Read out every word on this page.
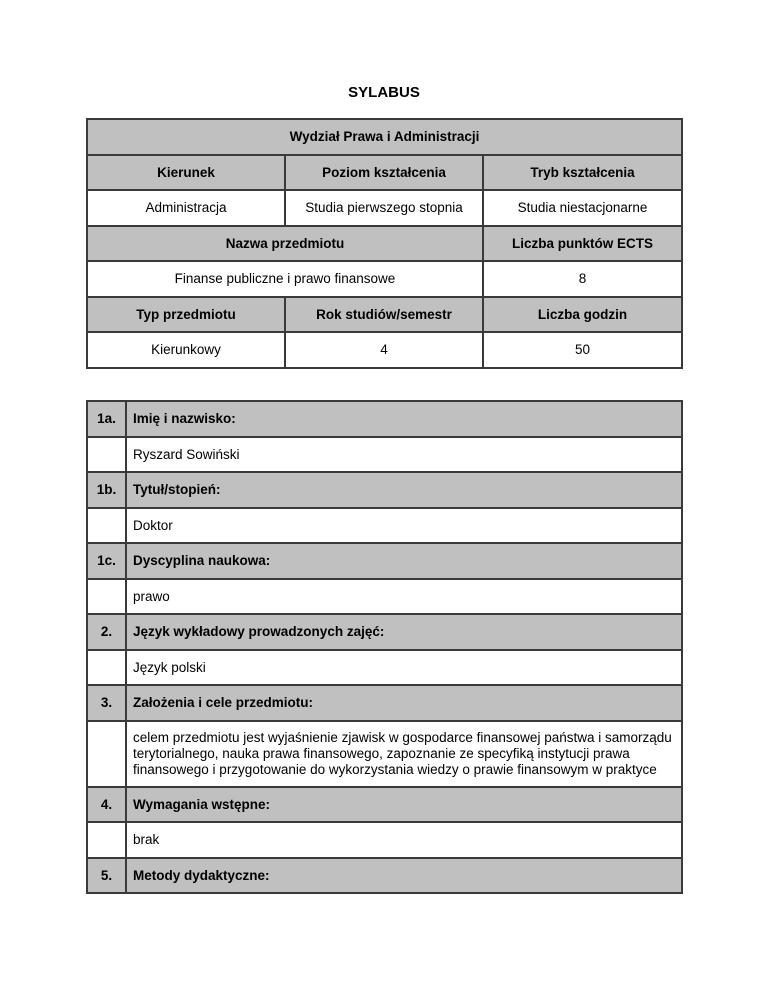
SYLABUS
Wydział Prawa i Administracji		
Kierunek	Poziom kształcenia	Tryb kształcenia
Administracja	Studia pierwszego stopnia	Studia niestacjonarne
Nazwa przedmiotu		Liczba punktów ECTS
Finanse publiczne i prawo finansowe		8
Typ przedmiotu	Rok studiów/semestr	Liczba godzin
Kierunkowy	4	50
1a.	Imię i nazwisko:
	Ryszard Sowiński
1b.	Tytuł/stopień:
	Doktor
1c.	Dyscyplina naukowa:
	prawo
2.	Język wykładowy prowadzonych zajęć:
	Język polski
3.	Założenia i cele przedmiotu:
	celem przedmiotu jest wyjaśnienie zjawisk w gospodarce finansowej państwa i samorządu terytorialnego, nauka prawa finansowego, zapoznanie ze specyfiką instytucji prawa finansowego i przygotowanie do wykorzystania wiedzy o prawie finansowym w praktyce
4.	Wymagania wstępne:
	brak
5.	Metody dydaktyczne:
